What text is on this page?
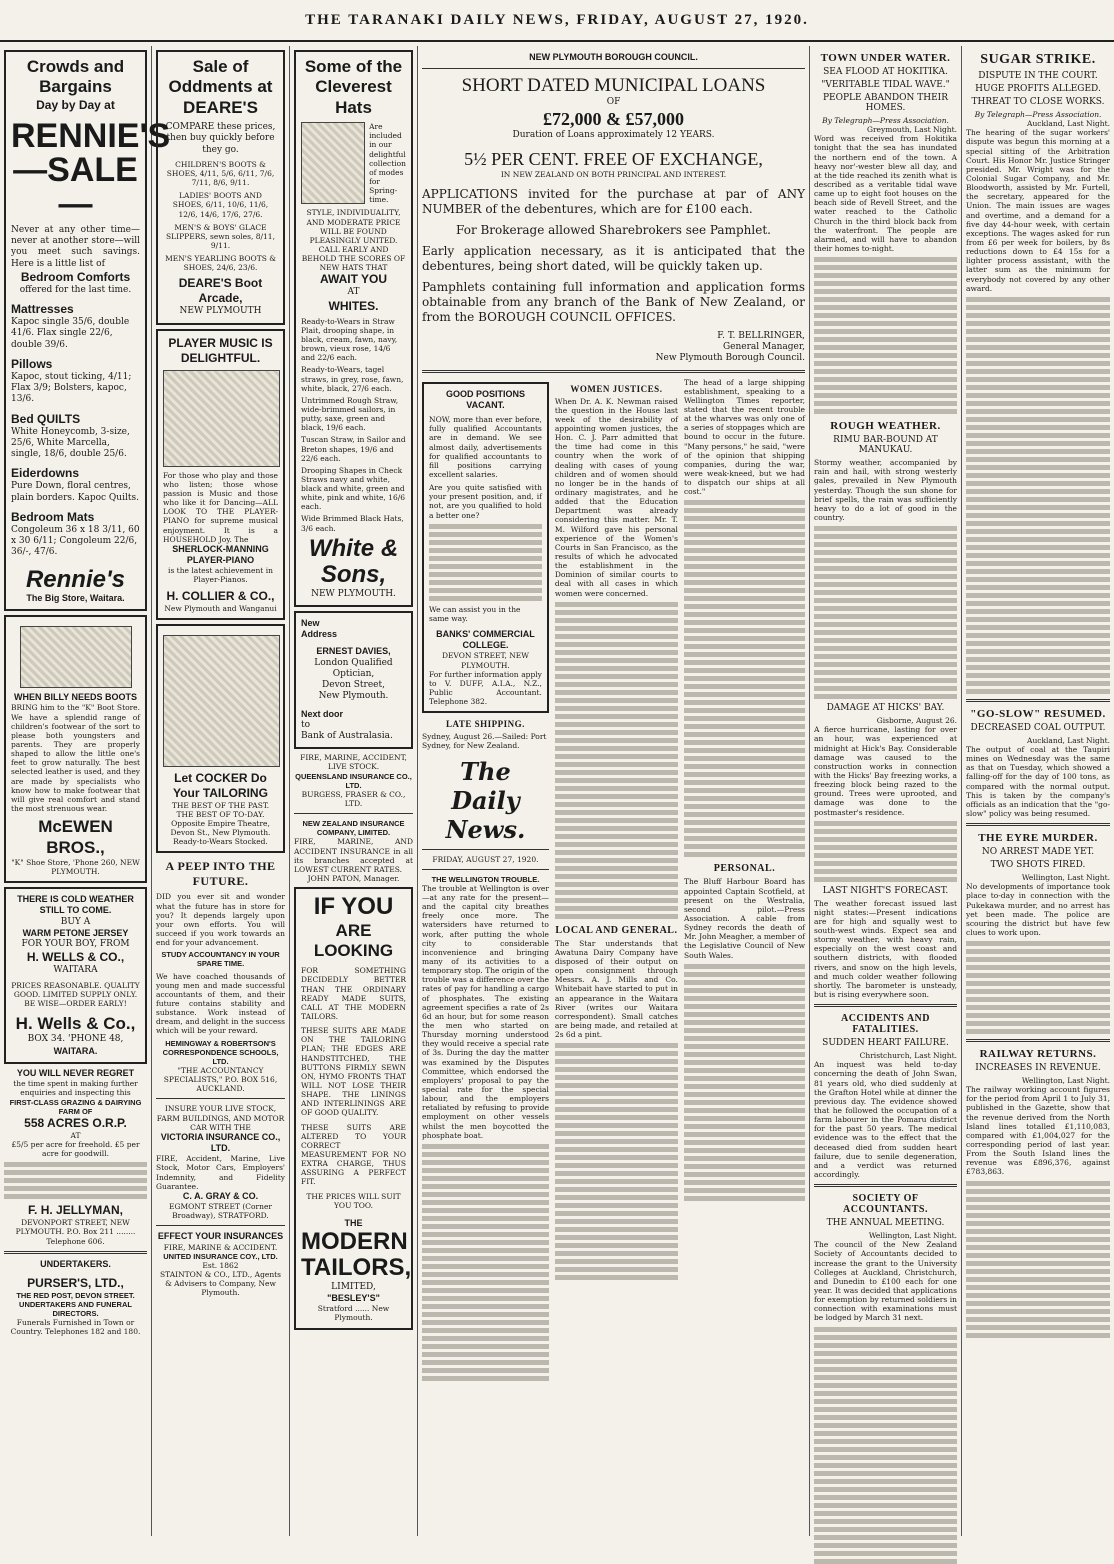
THE TARANAKI DAILY NEWS, FRIDAY, AUGUST 27, 1920.
Crowds and Bargains
Day by Day at
RENNIE'S
—SALE—
Never at any other time—never at another store—will you meet such savings. Here is a little list of
Bedroom Comforts
offered for the last time.
Mattresses
Kapoc single 35/6, double 41/6. Flax single 22/6, double 39/6.
Pillows
Kapoc, stout ticking, 4/11; Flax 3/9; Bolsters, kapoc, 13/6.
Bed QUILTS
White Honeycomb, 3-size, 25/6, White Marcella, single, 18/6, double 25/6.
Eiderdowns
Pure Down, floral centres, plain borders. Kapoc Quilts.
Bedroom Mats
Congoleum 36 x 18 3/11, 60 x 30 6/11; Congoleum 22/6, 36/-, 47/6.
Rennie's
The Big Store, Waitara.
WHEN BILLY NEEDS BOOTS
BRING him to the "K" Boot Store. We have a splendid range of children's footwear of the sort to please both youngsters and parents. They are properly shaped to allow the little one's feet to grow naturally. The best selected leather is used, and they are made by specialists who know how to make footwear that will give real comfort and stand the most strenuous wear.
McEWEN BROS.,
"K" Shoe Store, 'Phone 260, NEW PLYMOUTH.
THERE IS COLD WEATHER STILL TO COME.
BUY A
WARM PETONE JERSEY
FOR YOUR BOY, FROM
H. WELLS & CO.,
WAITARA
PRICES REASONABLE. QUALITY GOOD. LIMITED SUPPLY ONLY. BE WISE—ORDER EARLY!
H. Wells & Co.,
BOX 34. 'PHONE 48,
WAITARA.
YOU WILL NEVER REGRET
the time spent in making further enquiries and inspecting this
FIRST-CLASS GRAZING & DAIRYING FARM OF
558 ACRES O.R.P.
AT
£5/5 per acre for freehold. £5 per acre for goodwill.
F. H. JELLYMAN,
DEVONPORT STREET, NEW PLYMOUTH. P.O. Box 211 ........ Telephone 606.
UNDERTAKERS.
PURSER'S, LTD.,
THE RED POST, DEVON STREET.
UNDERTAKERS AND FUNERAL DIRECTORS.
Funerals Furnished in Town or Country. Telephones 182 and 180.
Sale of Oddments at DEARE'S
COMPARE these prices, then buy quickly before they go.
CHILDREN'S BOOTS & SHOES, 4/11, 5/6, 6/11, 7/6, 7/11, 8/6, 9/11.
LADIES' BOOTS AND SHOES, 6/11, 10/6, 11/6, 12/6, 14/6, 17/6, 27/6.
MEN'S & BOYS' GLACE SLIPPERS, sewn soles, 8/11, 9/11.
MEN'S YEARLING BOOTS & SHOES, 24/6, 23/6.
DEARE'S Boot Arcade,
NEW PLYMOUTH
PLAYER MUSIC IS DELIGHTFUL.
For those who play and those who listen; those whose passion is Music and those who like it for Dancing—ALL LOOK TO THE PLAYER-PIANO for supreme musical enjoyment. It is a HOUSEHOLD Joy. The
SHERLOCK-MANNING PLAYER-PIANO
is the latest achievement in Player-Pianos.
H. COLLIER & CO.,
New Plymouth and Wanganui
Let COCKER Do Your TAILORING
THE BEST OF THE PAST. THE BEST OF TO-DAY.
Opposite Empire Theatre, Devon St., New Plymouth.
Ready-to-Wears Stocked.
A PEEP INTO THE FUTURE.
DID you ever sit and wonder what the future has in store for you? It depends largely upon your own efforts. You will succeed if you work towards an end for your advancement.
STUDY ACCOUNTANCY IN YOUR SPARE TIME.
We have coached thousands of young men and made successful accountants of them, and their future contains stability and substance. Work instead of dream, and delight in the success which will be your reward.
HEMINGWAY & ROBERTSON'S CORRESPONDENCE SCHOOLS, LTD.
"THE ACCOUNTANCY SPECIALISTS," P.O. BOX 516, AUCKLAND.
INSURE YOUR LIVE STOCK, FARM BUILDINGS, AND MOTOR CAR WITH THE
VICTORIA INSURANCE CO., LTD.
FIRE, Accident, Marine, Live Stock, Motor Cars, Employers' Indemnity, and Fidelity Guarantee.
C. A. GRAY & CO.
EGMONT STREET (Corner Broadway), STRATFORD.
EFFECT YOUR INSURANCES
FIRE, MARINE & ACCIDENT.
UNITED INSURANCE COY., LTD.
Est. 1862
STAINTON & CO., LTD., Agents & Advisers to Company, New Plymouth.
Some of the Cleverest Hats
Are included in our delightful collection of modes for Spring-time.
STYLE, INDIVIDUALITY, AND MODERATE PRICE WILL BE FOUND PLEASINGLY UNITED. CALL EARLY AND BEHOLD THE SCORES OF NEW HATS THAT
AWAIT YOU
AT
WHITES.
Ready-to-Wears in Straw Plait, drooping shape, in black, cream, fawn, navy, brown, vieux rose, 14/6 and 22/6 each.
Ready-to-Wears, tagel straws, in grey, rose, fawn, white, black, 27/6 each.
Untrimmed Rough Straw, wide-brimmed sailors, in putty, saxe, green and black, 19/6 each.
Tuscan Straw, in Sailor and Breton shapes, 19/6 and 22/6 each.
Drooping Shapes in Check Straws navy and white, black and white, green and white, pink and white, 16/6 each.
Wide Brimmed Black Hats, 3/6 each.
White & Sons,
NEW PLYMOUTH.
New
Address
ERNEST DAVIES,
London Qualified Optician,
Devon Street,
New Plymouth.
Next door
to
Bank of Australasia.
FIRE, MARINE, ACCIDENT, LIVE STOCK.
QUEENSLAND INSURANCE CO., LTD.
BURGESS, FRASER & CO., LTD.
NEW ZEALAND INSURANCE COMPANY, LIMITED.
FIRE, MARINE, AND ACCIDENT INSURANCE in all its branches accepted at LOWEST CURRENT RATES.
JOHN PATON, Manager.
IF YOU
ARE LOOKING
FOR SOMETHING DECIDEDLY BETTER THAN THE ORDINARY READY MADE SUITS, CALL AT THE MODERN TAILORS.
THESE SUITS ARE MADE ON THE TAILORING PLAN; THE EDGES ARE HANDSTITCHED, THE BUTTONS FIRMLY SEWN ON, HYMO FRONTS THAT WILL NOT LOSE THEIR SHAPE. THE LININGS AND INTERLININGS ARE OF GOOD QUALITY.
THESE SUITS ARE ALTERED TO YOUR CORRECT MEASUREMENT FOR NO EXTRA CHARGE, THUS ASSURING A PERFECT FIT.
THE PRICES WILL SUIT YOU TOO.
THE
MODERN TAILORS,
LIMITED,
"BESLEY'S"
Stratford ...... New Plymouth.
NEW PLYMOUTH BOROUGH COUNCIL.
SHORT DATED MUNICIPAL LOANS
OF
£72,000 & £57,000
Duration of Loans approximately 12 YEARS.
5½ PER CENT. FREE OF EXCHANGE,
IN NEW ZEALAND ON BOTH PRINCIPAL AND INTEREST.
APPLICATIONS invited for the purchase at par of ANY NUMBER of the debentures, which are for £100 each.
For Brokerage allowed Sharebrokers see Pamphlet.
Early application necessary, as it is anticipated that the debentures, being short dated, will be quickly taken up.
Pamphlets containing full information and application forms obtainable from any branch of the Bank of New Zealand, or from the BOROUGH COUNCIL OFFICES.
F. T. BELLRINGER,
General Manager,
New Plymouth Borough Council.
GOOD POSITIONS VACANT.
NOW, more than ever before, fully qualified Accountants are in demand. We see almost daily, advertisements for qualified accountants to fill positions carrying excellent salaries.
Are you quite satisfied with your present position, and, if not, are you qualified to hold a better one?
We can assist you in the same way.
BANKS' COMMERCIAL COLLEGE.
DEVON STREET, NEW PLYMOUTH.
For further information apply to V. DUFF, A.I.A., N.Z., Public Accountant. Telephone 382.
LATE SHIPPING.
Sydney, August 26.—Sailed: Port Sydney, for New Zealand.
The Daily News.
FRIDAY, AUGUST 27, 1920.
THE WELLINGTON TROUBLE.
The trouble at Wellington is over—at any rate for the present—and the capital city breathes freely once more. The watersiders have returned to work, after putting the whole city to considerable inconvenience and bringing many of its activities to a temporary stop. The origin of the trouble was a difference over the rates of pay for handling a cargo of phosphates. The existing agreement specifies a rate of 2s 6d an hour, but for some reason the men who started on Thursday morning understood they would receive a special rate of 3s. During the day the matter was examined by the Disputes Committee, which endorsed the employers' proposal to pay the special rate for the special labour, and the employers retaliated by refusing to provide employment on other vessels whilst the men boycotted the phosphate boat.
WOMEN JUSTICES.
When Dr. A. K. Newman raised the question in the House last week of the desirability of appointing women justices, the Hon. C. J. Parr admitted that the time had come in this country when the work of dealing with cases of young children and of women should no longer be in the hands of ordinary magistrates, and he added that the Education Department was already considering this matter. Mr. T. M. Wilford gave his personal experience of the Women's Courts in San Francisco, as the results of which he advocated the establishment in the Dominion of similar courts to deal with all cases in which women were concerned.
LOCAL AND GENERAL.
The Star understands that Awatuna Dairy Company have disposed of their output on open consignment through Messrs. A. J. Mills and Co. Whitebait have started to put in an appearance in the Waitara River (writes our Waitara correspondent). Small catches are being made, and retailed at 2s 6d a pint.
The head of a large shipping establishment, speaking to a Wellington Times reporter, stated that the recent trouble at the wharves was only one of a series of stoppages which are bound to occur in the future. "Many persons," he said, "were of the opinion that shipping companies, during the war, were weak-kneed, but we had to dispatch our ships at all cost."
PERSONAL.
The Bluff Harbour Board has appointed Captain Scotfield, at present on the Westralia, second pilot.—Press Association. A cable from Sydney records the death of Mr. John Meagher, a member of the Legislative Council of New South Wales.
TOWN UNDER WATER.
SEA FLOOD AT HOKITIKA.
"VERITABLE TIDAL WAVE."
PEOPLE ABANDON THEIR HOMES.
By Telegraph—Press Association.
Greymouth, Last Night.
Word was received from Hokitika tonight that the sea has inundated the northern end of the town. A heavy nor'-wester blew all day, and at the tide reached its zenith what is described as a veritable tidal wave came up to eight foot houses on the beach side of Revell Street, and the water reached to the Catholic Church in the third block back from the waterfront. The people are alarmed, and will have to abandon their homes to-night.
ROUGH WEATHER.
RIMU BAR-BOUND AT MANUKAU.
Stormy weather, accompanied by rain and hail, with strong westerly gales, prevailed in New Plymouth yesterday. Though the sun shone for brief spells, the rain was sufficiently heavy to do a lot of good in the country.
DAMAGE AT HICKS' BAY.
Gisborne, August 26.
A fierce hurricane, lasting for over an hour, was experienced at midnight at Hick's Bay. Considerable damage was caused to the construction works in connection with the Hicks' Bay freezing works, a freezing block being razed to the ground. Trees were uprooted, and damage was done to the postmaster's residence.
LAST NIGHT'S FORECAST.
The weather forecast issued last night states:—Present indications are for high and squally west to south-west winds. Expect sea and stormy weather, with heavy rain, especially on the west coast and southern districts, with flooded rivers, and snow on the high levels, and much colder weather following shortly. The barometer is unsteady, but is rising everywhere soon.
ACCIDENTS AND FATALITIES.
SUDDEN HEART FAILURE.
Christchurch, Last Night.
An inquest was held to-day concerning the death of John Swan, 81 years old, who died suddenly at the Grafton Hotel while at dinner the previous day. The evidence showed that he followed the occupation of a farm labourer in the Pomaru district for the past 50 years. The medical evidence was to the effect that the deceased died from sudden heart failure, due to senile degeneration, and a verdict was returned accordingly.
SOCIETY OF ACCOUNTANTS.
THE ANNUAL MEETING.
Wellington, Last Night.
The council of the New Zealand Society of Accountants decided to increase the grant to the University Colleges at Auckland, Christchurch, and Dunedin to £100 each for one year. It was decided that applications for exemption by returned soldiers in connection with examinations must be lodged by March 31 next.
SUGAR STRIKE.
DISPUTE IN THE COURT.
HUGE PROFITS ALLEGED.
THREAT TO CLOSE WORKS.
By Telegraph—Press Association.
Auckland, Last Night.
The hearing of the sugar workers' dispute was begun this morning at a special sitting of the Arbitration Court. His Honor Mr. Justice Stringer presided. Mr. Wright was for the Colonial Sugar Company, and Mr. Bloodworth, assisted by Mr. Furtell, the secretary, appeared for the Union. The main issues are wages and overtime, and a demand for a five day 44-hour week, with certain exceptions. The wages asked for run from £6 per week for boilers, by 8s reductions down to £4 15s for a lighter process assistant, with the latter sum as the minimum for everybody not covered by any other award.
"GO-SLOW" RESUMED.
DECREASED COAL OUTPUT.
Auckland, Last Night.
The output of coal at the Taupiri mines on Wednesday was the same as that on Tuesday, which showed a falling-off for the day of 100 tons, as compared with the normal output. This is taken by the company's officials as an indication that the "go-slow" policy was being resumed.
THE EYRE MURDER.
NO ARREST MADE YET.
TWO SHOTS FIRED.
Wellington, Last Night.
No developments of importance took place to-day in connection with the Pukekawa murder, and no arrest has yet been made. The police are scouring the district but have few clues to work upon.
RAILWAY RETURNS.
INCREASES IN REVENUE.
Wellington, Last Night.
The railway working account figures for the period from April 1 to July 31, published in the Gazette, show that the revenue derived from the North Island lines totalled £1,110,083, compared with £1,004,027 for the corresponding period of last year. From the South Island lines the revenue was £896,376, against £783,863.
